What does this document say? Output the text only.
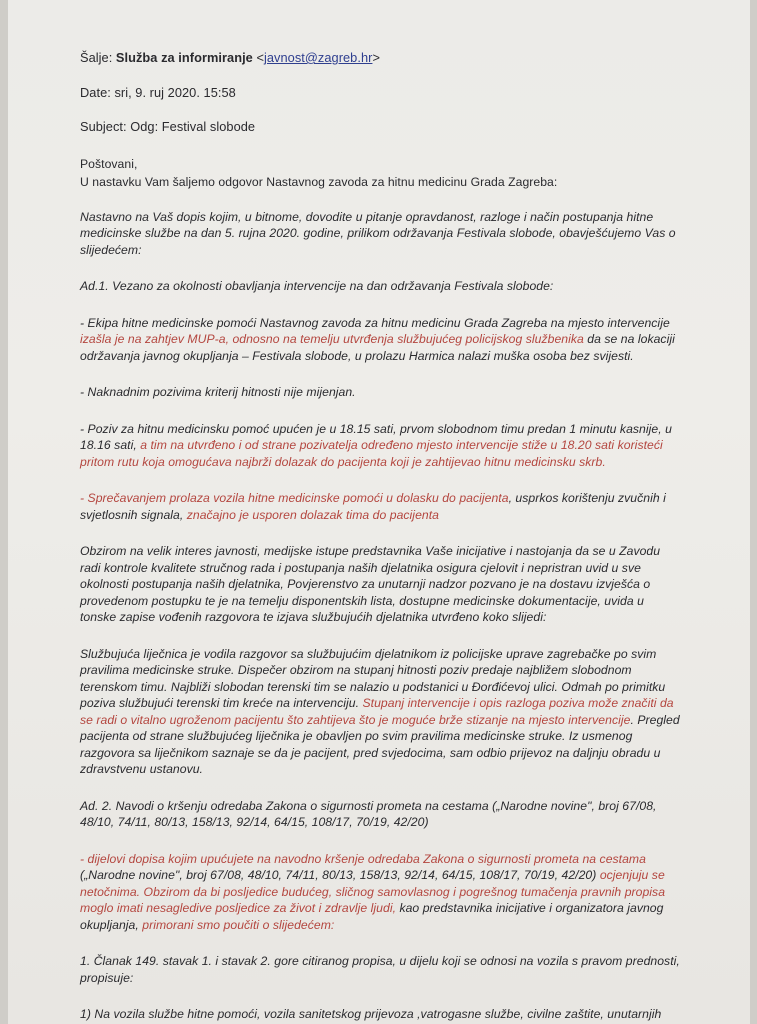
Šalje: Služba za informiranje <javnost@zagreb.hr>
Date: sri, 9. ruj 2020. 15:58
Subject: Odg: Festival slobode
Poštovani,
U nastavku Vam šaljemo odgovor Nastavnog zavoda za hitnu medicinu Grada Zagreba:
Nastavno na Vaš dopis kojim, u bitnome, dovodite u pitanje opravdanost, razloge i način postupanja hitne medicinske službe na dan 5. rujna 2020. godine, prilikom održavanja Festivala slobode, obavješćujemo Vas o slijedećem:
Ad.1. Vezano za okolnosti obavljanja intervencije na dan održavanja Festivala slobode:
- Ekipa hitne medicinske pomoći Nastavnog zavoda za hitnu medicinu Grada Zagreba na mjesto intervencije izašla je na zahtjev MUP-a, odnosno na temelju utvrđenja službujućeg policijskog službenika da se na lokaciji održavanja javnog okupljanja – Festivala slobode, u prolazu Harmica nalazi muška osoba bez svijesti.
- Naknadnim pozivima kriterij hitnosti nije mijenjan.
- Poziv za hitnu medicinsku pomoć upućen je u 18.15 sati, prvom slobodnom timu predan 1 minutu kasnije, u 18.16 sati, a tim na utvrđeno i od strane pozivatelja određeno mjesto intervencije stiže u 18.20 sati koristeći pritom rutu koja omogućava najbrži dolazak do pacijenta koji je zahtijevao hitnu medicinsku skrb.
- Sprečavanjem prolaza vozila hitne medicinske pomoći u dolasku do pacijenta, usprkos korištenju zvučnih i svjetlosnih signala, značajno je usporen dolazak tima do pacijenta
Obzirom na velik interes javnosti, medijske istupe predstavnika Vaše inicijative i nastojanja da se u Zavodu radi kontrole kvalitete stručnog rada i postupanja naših djelatnika osigura cjelovit i nepristran uvid u sve okolnosti postupanja naših djelatnika, Povjerenstvo za unutarnji nadzor pozvano je na dostavu izvješća o provedenom postupku te je na temelju disponentskih lista, dostupne medicinske dokumentacije, uvida u tonske zapise vođenih razgovora te izjava službujućih djelatnika utvrđeno koko slijedi:
Službujuća liječnica je vodila razgovor sa službujućim djelatnikom iz policijske uprave zagrebačke po svim pravilima medicinske struke. Dispečer obzirom na stupanj hitnosti poziv predaje najbližem slobodnom terenskom timu. Najbliži slobodan terenski tim se nalazio u podstanici u Đorđićevoj ulici. Odmah po primitku poziva službujući terenski tim kreće na intervenciju. Stupanj intervencije i opis razloga poziva može značiti da se radi o vitalno ugroženom pacijentu što zahtijeva što je moguće brže stizanje na mjesto intervencije. Pregled pacijenta od strane službujućeg liječnika je obavljen po svim pravilima medicinske struke. Iz usmenog razgovora sa liječnikom saznaje se da je pacijent, pred svjedocima, sam odbio prijevoz na daljnju obradu u zdravstvenu ustanovu.
Ad. 2. Navodi o kršenju odredaba Zakona o sigurnosti prometa na cestama („Narodne novine", broj 67/08, 48/10, 74/11, 80/13, 158/13, 92/14, 64/15, 108/17, 70/19, 42/20)
- dijelovi dopisa kojim upućujete na navodno kršenje odredaba Zakona o sigurnosti prometa na cestama („Narodne novine", broj 67/08, 48/10, 74/11, 80/13, 158/13, 92/14, 64/15, 108/17, 70/19, 42/20) ocjenjuju se netočnima. Obzirom da bi posljedice budućeg, sličnog samovlasnog i pogrešnog tumačenja pravnih propisa moglo imati nesagledive posljedice za život i zdravlje ljudi, kao predstavnika inicijative i organizatora javnog okupljanja, primorani smo poučiti o slijedećem:
1. Članak 149. stavak 1. i stavak 2. gore citiranog propisa, u dijelu koji se odnosi na vozila s pravom prednosti, propisuje:
1) Na vozila službe hitne pomoći, vozila sanitetskog prijevoza ,vatrogasne službe, civilne zaštite, unutarnjih
